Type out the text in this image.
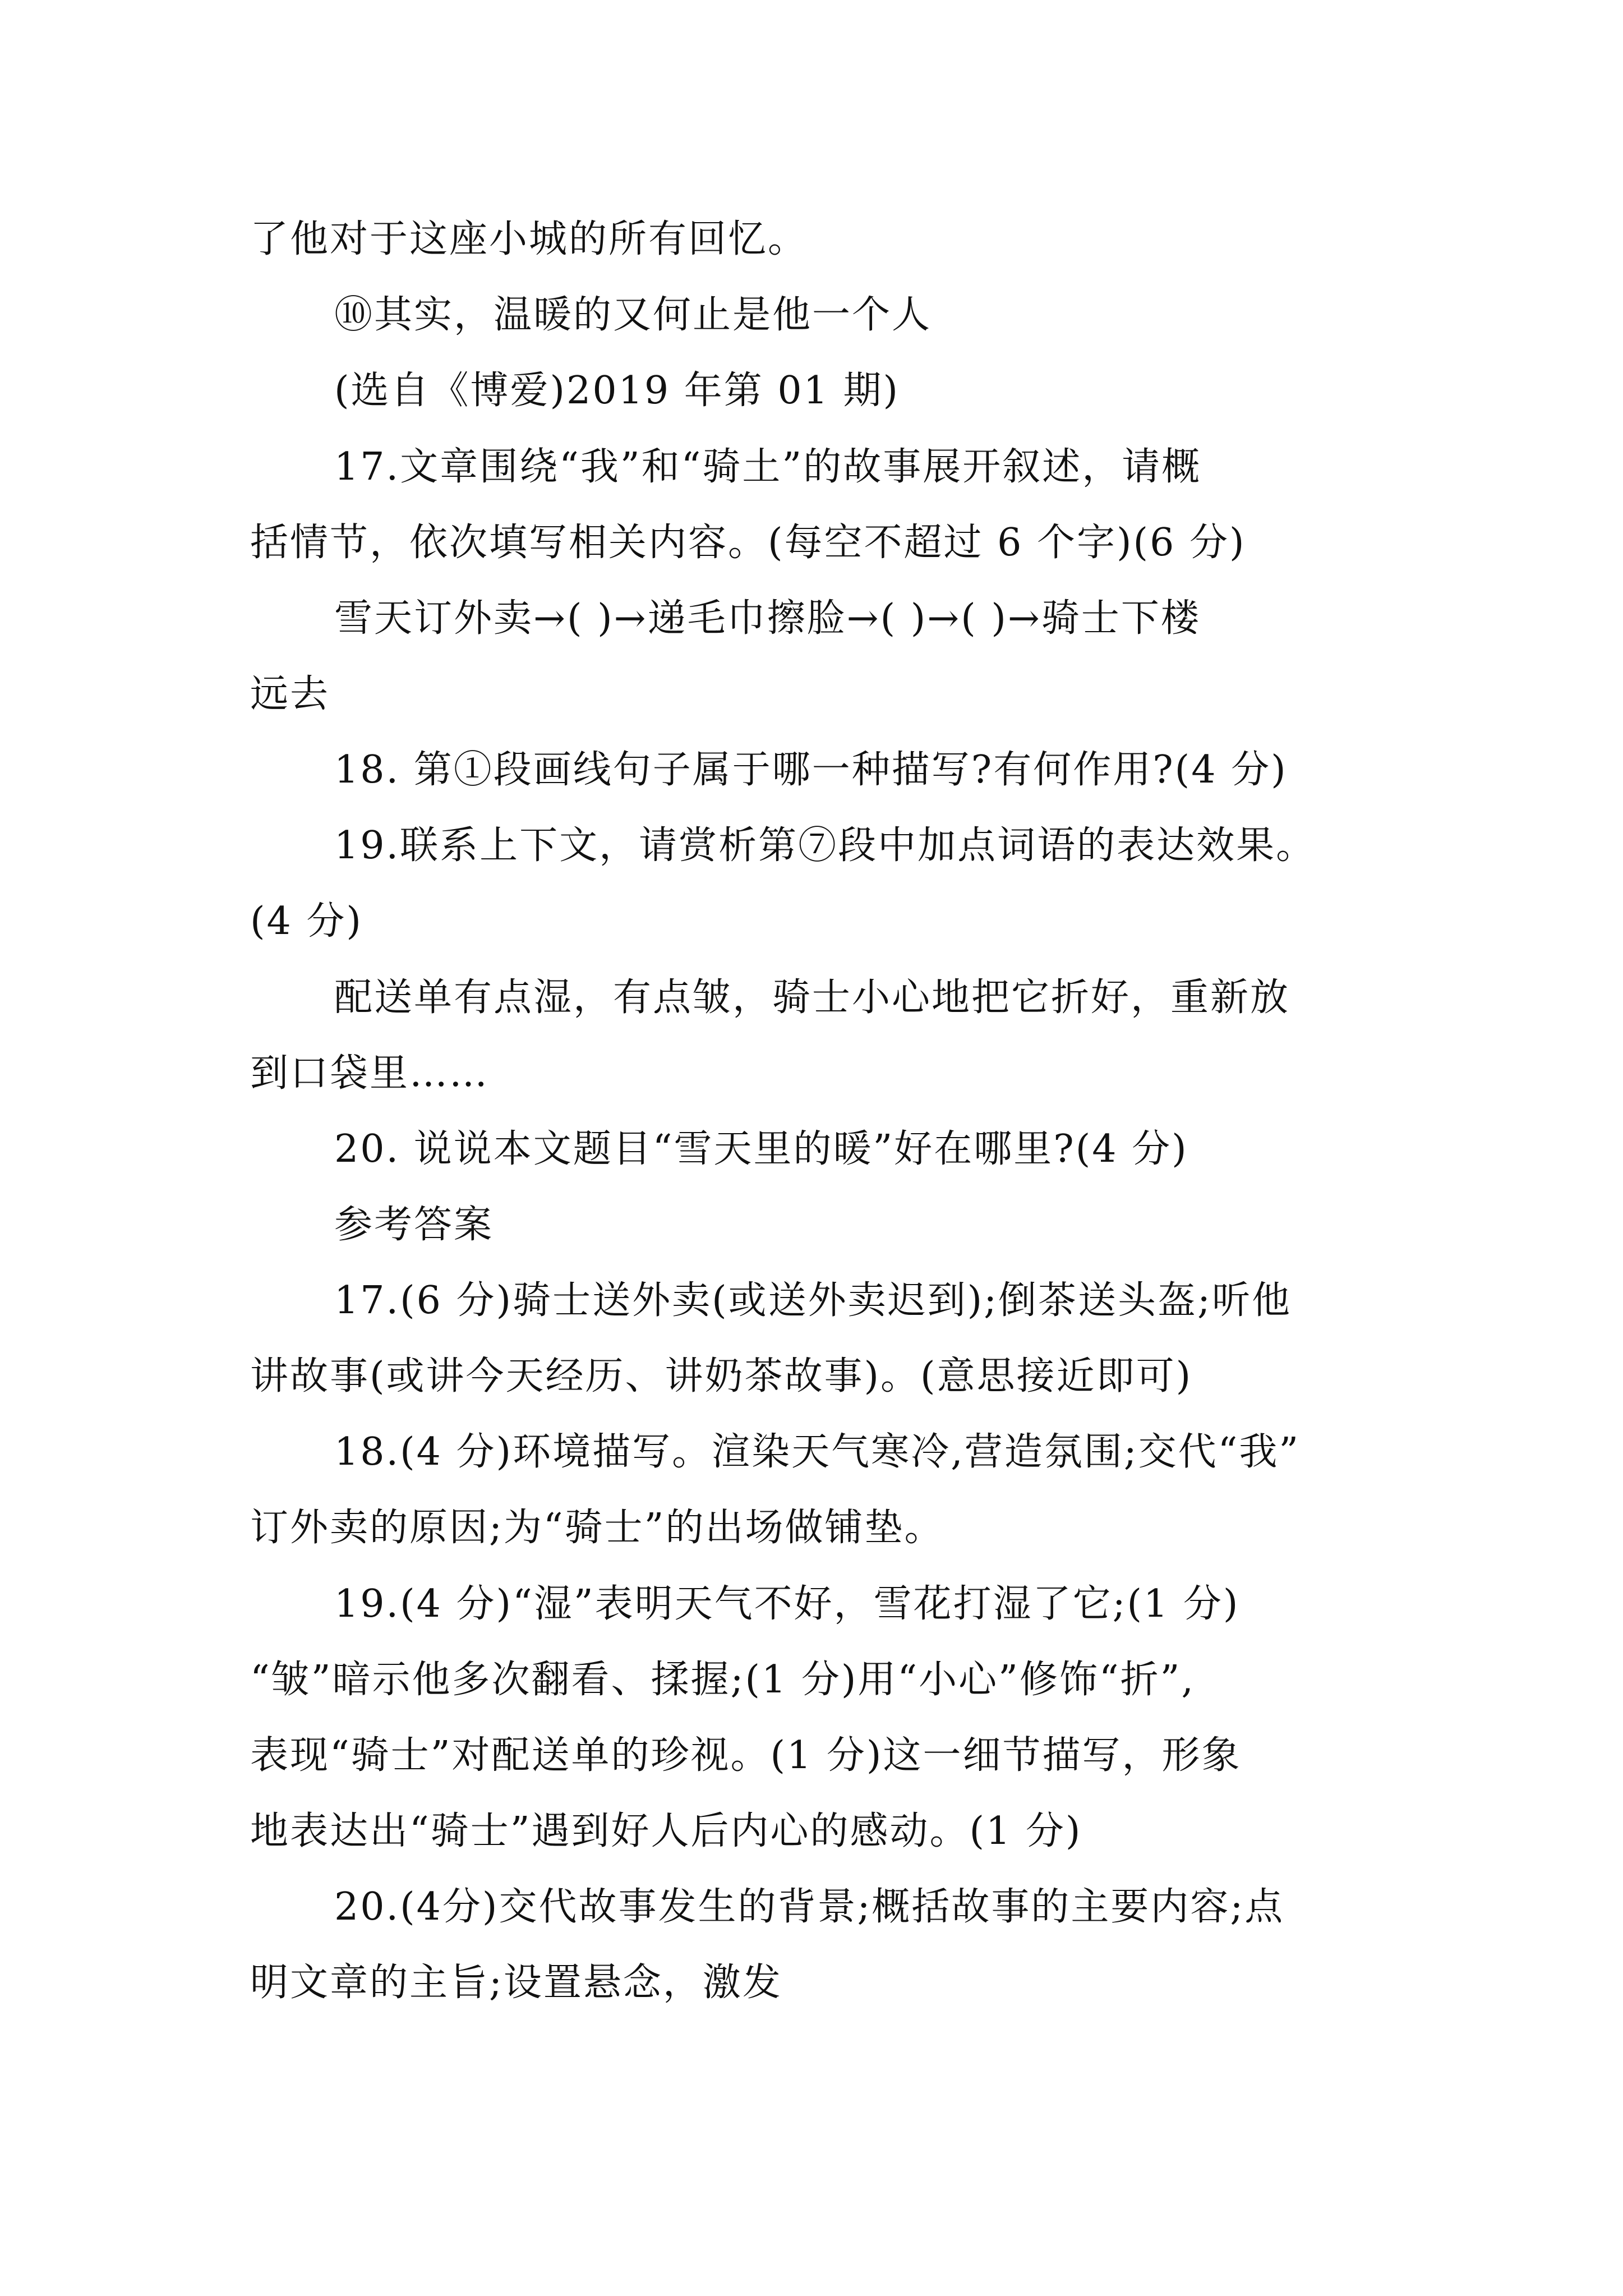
了他对于这座小城的所有回忆。
⑩其实，温暖的又何止是他一个人
(选自《博爱)2019 年第 01 期)
17.文章围绕“我”和“骑土”的故事展开叙述，请概
括情节，依次填写相关内容。(每空不超过 6 个字)(6 分)
雪天订外卖→( )→递毛巾擦脸→( )→( )→骑士下楼
远去
18. 第①段画线句子属于哪一种描写?有何作用?(4 分)
19.联系上下文，请赏析第⑦段中加点词语的表达效果。
(4 分)
配送单有点湿，有点皱，骑士小心地把它折好，重新放
到口袋里……
20. 说说本文题目“雪天里的暖”好在哪里?(4 分)
参考答案
17.(6 分)骑士送外卖(或送外卖迟到);倒茶送头盔;听他
讲故事(或讲今天经历、讲奶茶故事)。(意思接近即可)
18.(4 分)环境描写。渲染天气寒冷,营造氛围;交代“我”
订外卖的原因;为“骑士”的出场做铺垫。
19.(4 分)“湿”表明天气不好，雪花打湿了它;(1 分)
“皱”暗示他多次翻看、揉握;(1 分)用“小心”修饰“折”,
表现“骑士”对配送单的珍视。(1 分)这一细节描写，形象
地表达出“骑士”遇到好人后内心的感动。(1 分)
20.(4分)交代故事发生的背景;概括故事的主要内容;点
明文章的主旨;设置悬念，激发
